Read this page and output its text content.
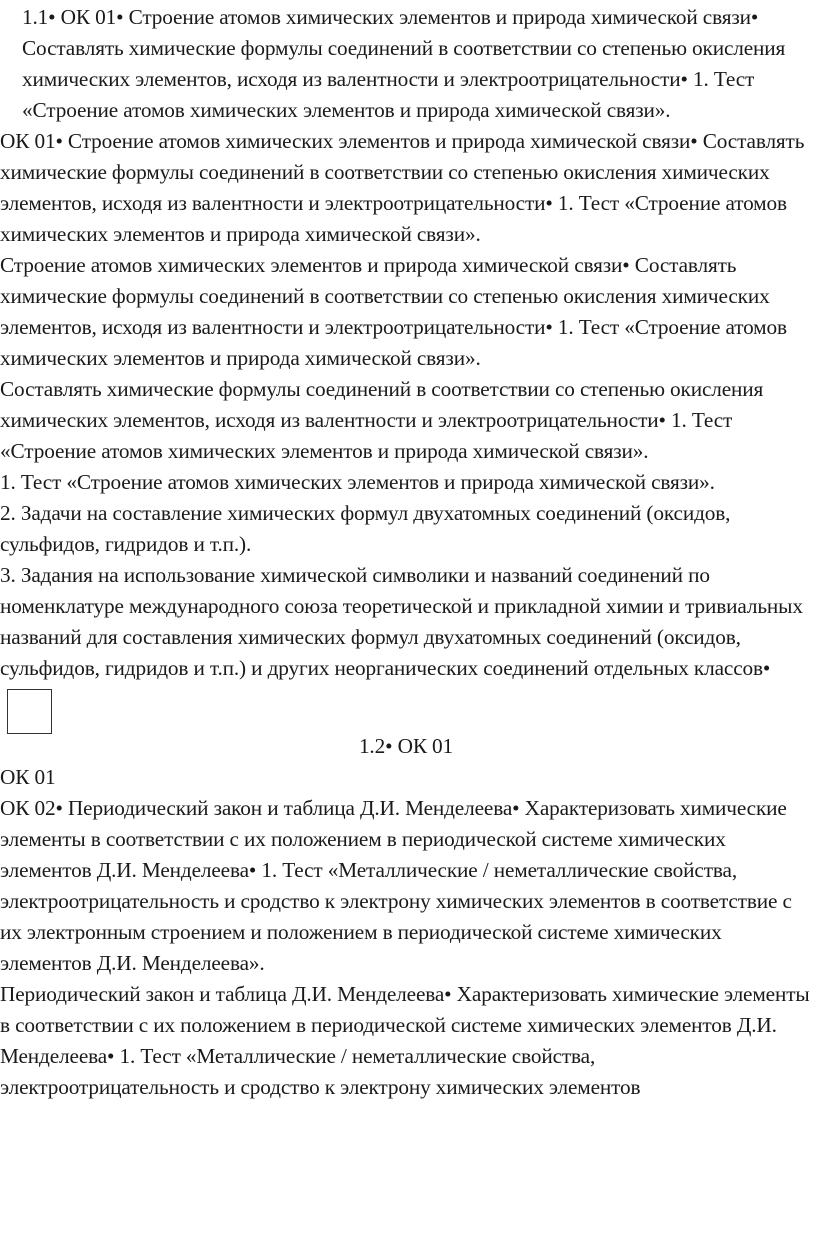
1.1• ОК 01• Строение атомов химических элементов и природа химической связи• Составлять химические формулы соединений в соответствии со степенью окисления химических элементов, исходя из валентности и электроотрицательности• 1. Тест «Строение атомов химических элементов и природа химической связи».

ОК 01• Строение атомов химических элементов и природа химической связи• Составлять химические формулы соединений в соответствии со степенью окисления химических элементов, исходя из валентности и электроотрицательности• 1. Тест «Строение атомов химических элементов и природа химической связи».

Строение атомов химических элементов и природа химической связи• Составлять химические формулы соединений в соответствии со степенью окисления химических элементов, исходя из валентности и электроотрицательности• 1. Тест «Строение атомов химических элементов и природа химической связи».

Составлять химические формулы соединений в соответствии со степенью окисления химических элементов, исходя из валентности и электроотрицательности• 1. Тест «Строение атомов химических элементов и природа химической связи».

1. Тест «Строение атомов химических элементов и природа химической связи».

2. Задачи на составление химических формул двухатомных соединений (оксидов, сульфидов, гидридов и т.п.).

3. Задания на использование химической символики и названий соединений по номенклатуре международного союза теоретической и прикладной химии и тривиальных названий для составления химических формул двухатомных соединений (оксидов, сульфидов, гидридов и т.п.) и других неорганических соединений отдельных классов•

1.2• ОК 01

ОК 01

ОК 02• Периодический закон и таблица Д.И. Менделеева• Характеризовать химические элементы в соответствии с их положением в периодической системе химических элементов Д.И. Менделеева• 1. Тест «Металлические / неметаллические свойства, электроотрицательность и сродство к электрону химических элементов в соответствие с их электронным строением и положением в периодической системе химических элементов Д.И. Менделеева».

Периодический закон и таблица Д.И. Менделеева• Характеризовать химические элементы в соответствии с их положением в периодической системе химических элементов Д.И. Менделеева• 1. Тест «Металлические / неметаллические свойства, электроотрицательность и сродство к электрону химических элементов
